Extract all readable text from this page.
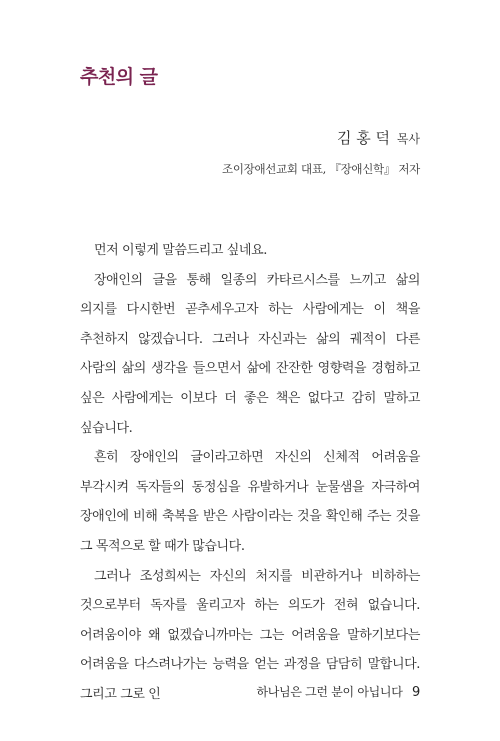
추천의 글
김 홍 덕 목사
조이장애선교회 대표, 『장애신학』 저자

먼저 이렇게 말씀드리고 싶네요.

장애인의 글을 통해 일종의 카타르시스를 느끼고 삶의 의지를 다시한번 곧추세우고자 하는 사람에게는 이 책을 추천하지 않겠습니다. 그러나 자신과는 삶의 궤적이 다른 사람의 삶의 생각을 들으면서 삶에 잔잔한 영향력을 경험하고 싶은 사람에게는 이보다 더 좋은 책은 없다고 감히 말하고 싶습니다.

흔히 장애인의 글이라고하면 자신의 신체적 어려움을 부각시켜 독자들의 동정심을 유발하거나 눈물샘을 자극하여 장애인에 비해 축복을 받은 사람이라는 것을 확인해 주는 것을 그 목적으로 할 때가 많습니다.

그러나 조성희씨는 자신의 처지를 비관하거나 비하하는 것으로부터 독자를 울리고자 하는 의도가 전혀 없습니다. 어려움이야 왜 없겠습니까마는 그는 어려움을 말하기보다는 어려움을 다스려나가는 능력을 얻는 과정을 담담히 말합니다. 그리고 그로 인	하나님은 그런 분이 아닙니다 9
